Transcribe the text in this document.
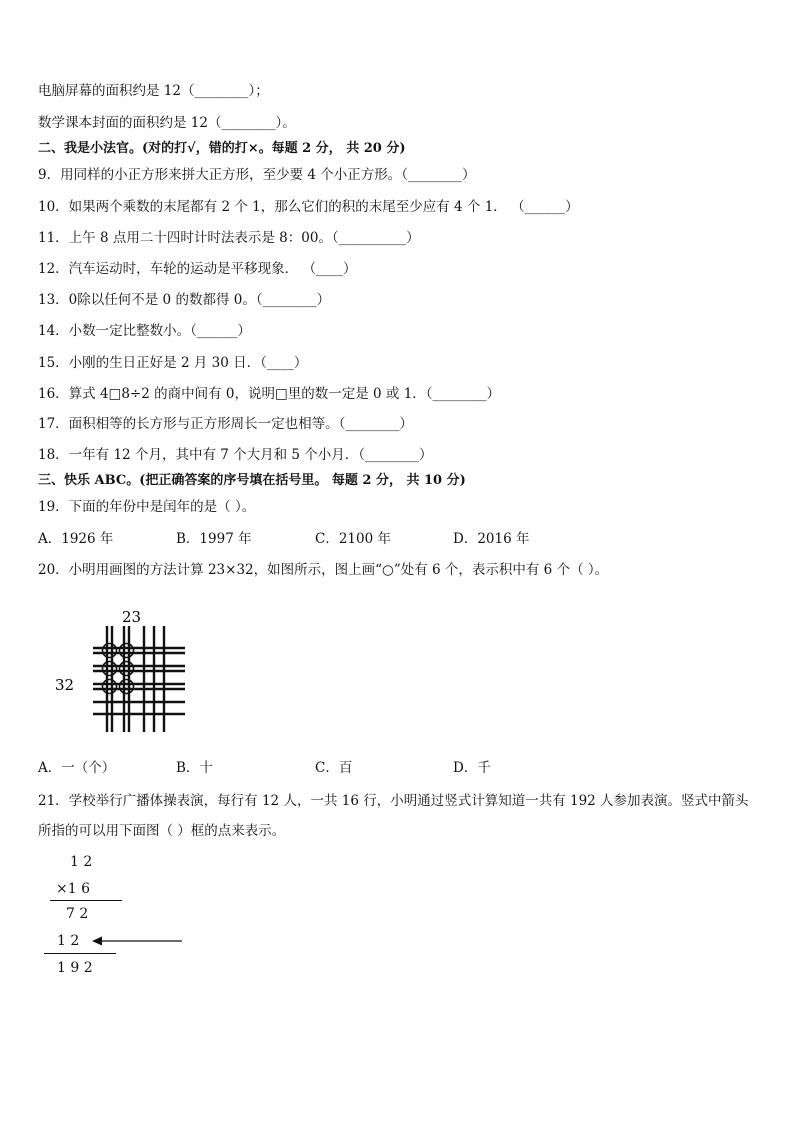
电脑屏幕的面积约是 12（________）；
数学课本封面的面积约是 12（________）。
二、我是小法官。(对的打√，错的打×。每题 2 分， 共 20 分)
9．用同样的小正方形来拼大正方形，至少要 4 个小正方形。（________）
10．如果两个乘数的末尾都有 2 个 1，那么它们的积的末尾至少应有 4 个 1． （______）
11．上午 8 点用二十四时计时法表示是 8：00。（__________）
12．汽车运动时，车轮的运动是平移现象． （____）
13．0除以任何不是 0 的数都得 0。（________）
14．小数一定比整数小。（______）
15．小刚的生日正好是 2 月 30 日．（____）
16．算式 4□8÷2 的商中间有 0，说明□里的数一定是 0 或 1．（________）
17．面积相等的长方形与正方形周长一定也相等。（________）
18．一年有 12 个月，其中有 7 个大月和 5 个小月．（________）
三、快乐 ABC。(把正确答案的序号填在括号里。 每题 2 分， 共 10 分)
19．下面的年份中是闰年的是（ ）。
A．1926 年	B．1997 年	C．2100 年	D．2016 年
20．小明用画图的方法计算 23×32，如图所示，图上画“○”处有 6 个，表示积中有 6 个（ ）。
23
32
A．一（个）	B．十	C．百	D．千
21．学校举行广播体操表演，每行有 12 人，一共 16 行，小明通过竖式计算知道一共有 192 人参加表演。竖式中箭头
所指的可以用下面图（ ）框的点来表示。
1 2
×1 6
7 2
1 2
1 9 2
